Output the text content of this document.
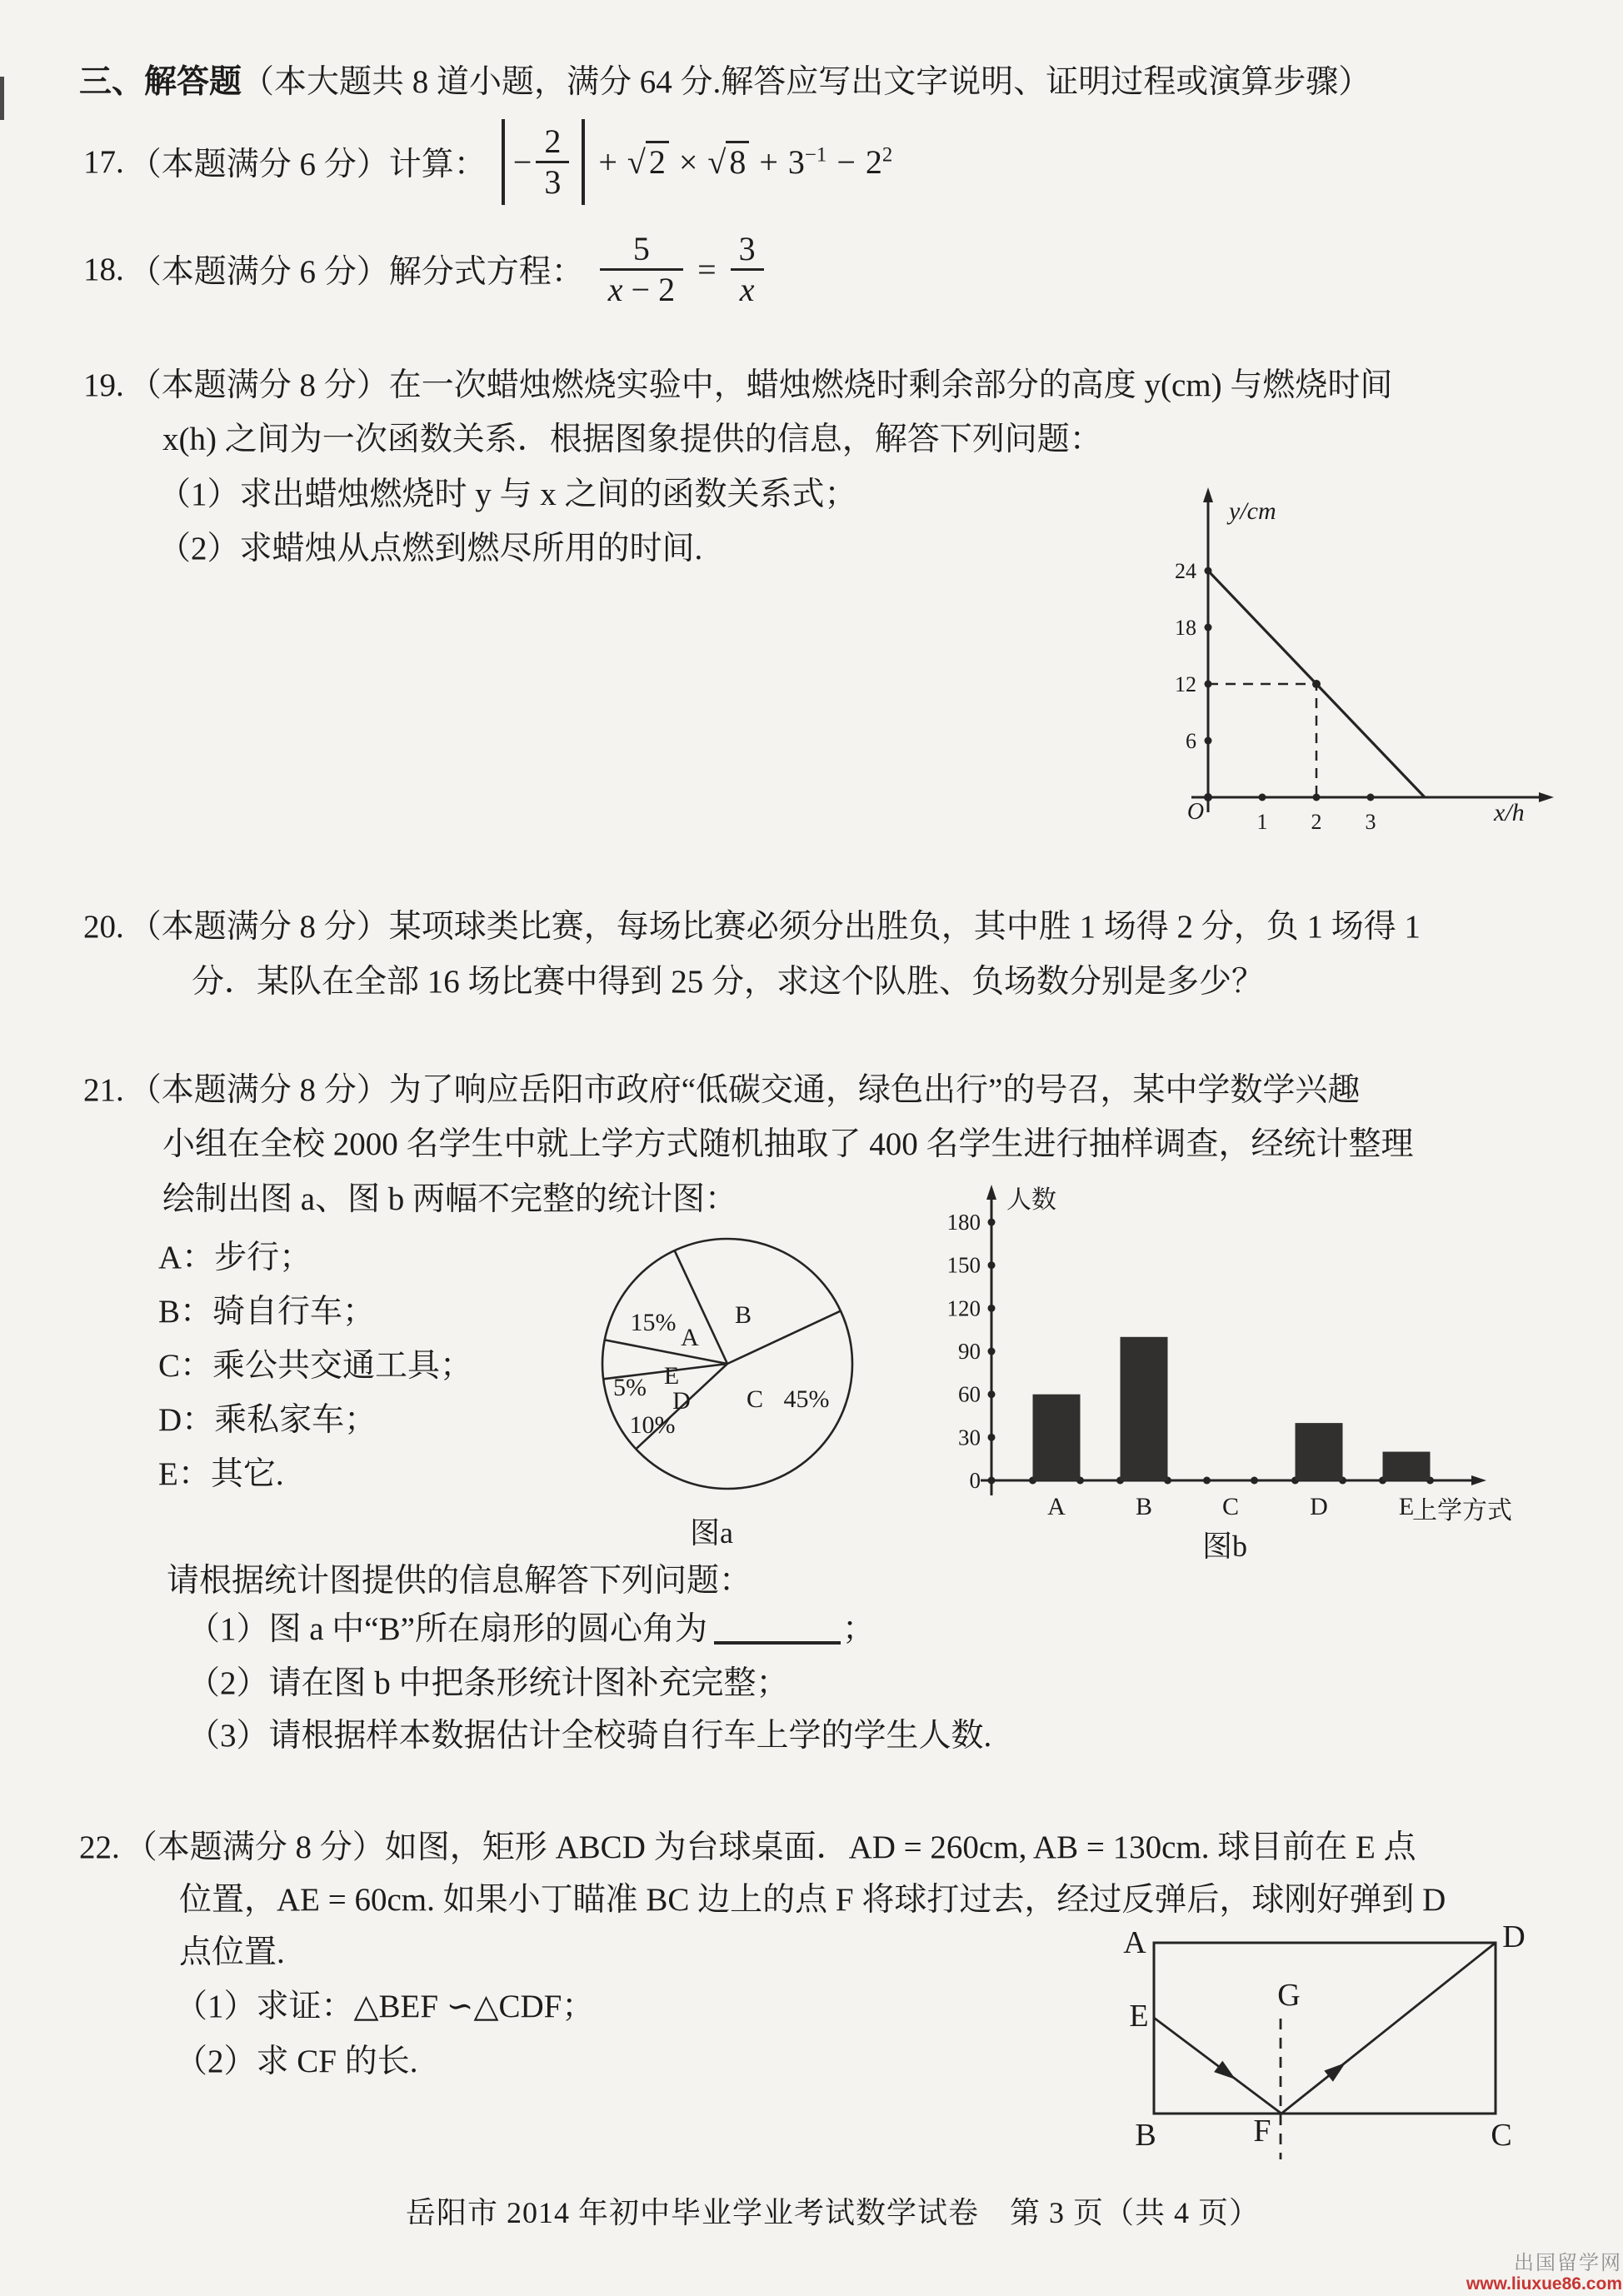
三、解答题（本大题共 8 道小题，满分 64 分.解答应写出文字说明、证明过程或演算步骤）
17. （本题满分 6 分）计算： − $\frac{2}{3}$ + √ 2 × √ $8 + 3^{-1} - 2^2$
18. （本题满分 6 分）解分式方程： $\frac{5}{x - 2} = \frac{3}{x}$
19. （本题满分 8 分）在一次蜡烛燃烧实验中，蜡烛燃烧时剩余部分的高度 y(cm) 与燃烧时间
x(h) 之间为一次函数关系．根据图象提供的信息，解答下列问题：
（1）求出蜡烛燃烧时 y 与 x 之间的函数关系式；
（2）求蜡烛从点燃到燃尽所用的时间.
y/cm
x/h
O
6
12
18
24
1 2 3
20. （本题满分 8 分）某项球类比赛，每场比赛必须分出胜负，其中胜 1 场得 2 分，负 1 场得 1
分．某队在全部 16 场比赛中得到 25 分，求这个队胜、负场数分别是多少？
21. （本题满分 8 分）为了响应岳阳市政府“低碳交通，绿色出行”的号召，某中学数学兴趣
小组在全校 2000 名学生中就上学方式随机抽取了 400 名学生进行抽样调查，经统计整理
绘制出图 a、图 b 两幅不完整的统计图：
A：步行；
B：骑自行车；
C：乘公共交通工具；
D：乘私家车；
E：其它.
B
A
15%
E
5% D
10%
C 45%
图a
人数
上学方式
0
30
60
90
120
150
180
A	B	C	D	E
图b
请根据统计图提供的信息解答下列问题：
（1）图 a 中“B”所在扇形的圆心角为	；
（2）请在图 b 中把条形统计图补充完整；
（3）请根据样本数据估计全校骑自行车上学的学生人数.
22. （本题满分 8 分）如图，矩形 ABCD 为台球桌面．AD = 260cm, AB = 130cm. 球目前在 E 点
位置，AE = 60cm. 如果小丁瞄准 BC 边上的点 F 将球打过去，经过反弹后，球刚好弹到 D
点位置.
（1）求证：△BEF ∽△CDF；
（2）求 CF 的长.
A	D
B	C
E
F
G
岳阳市 2014 年初中毕业学业考试数学试卷　第 3 页（共 4 页）
出国留学网
www.liuxue86.com
